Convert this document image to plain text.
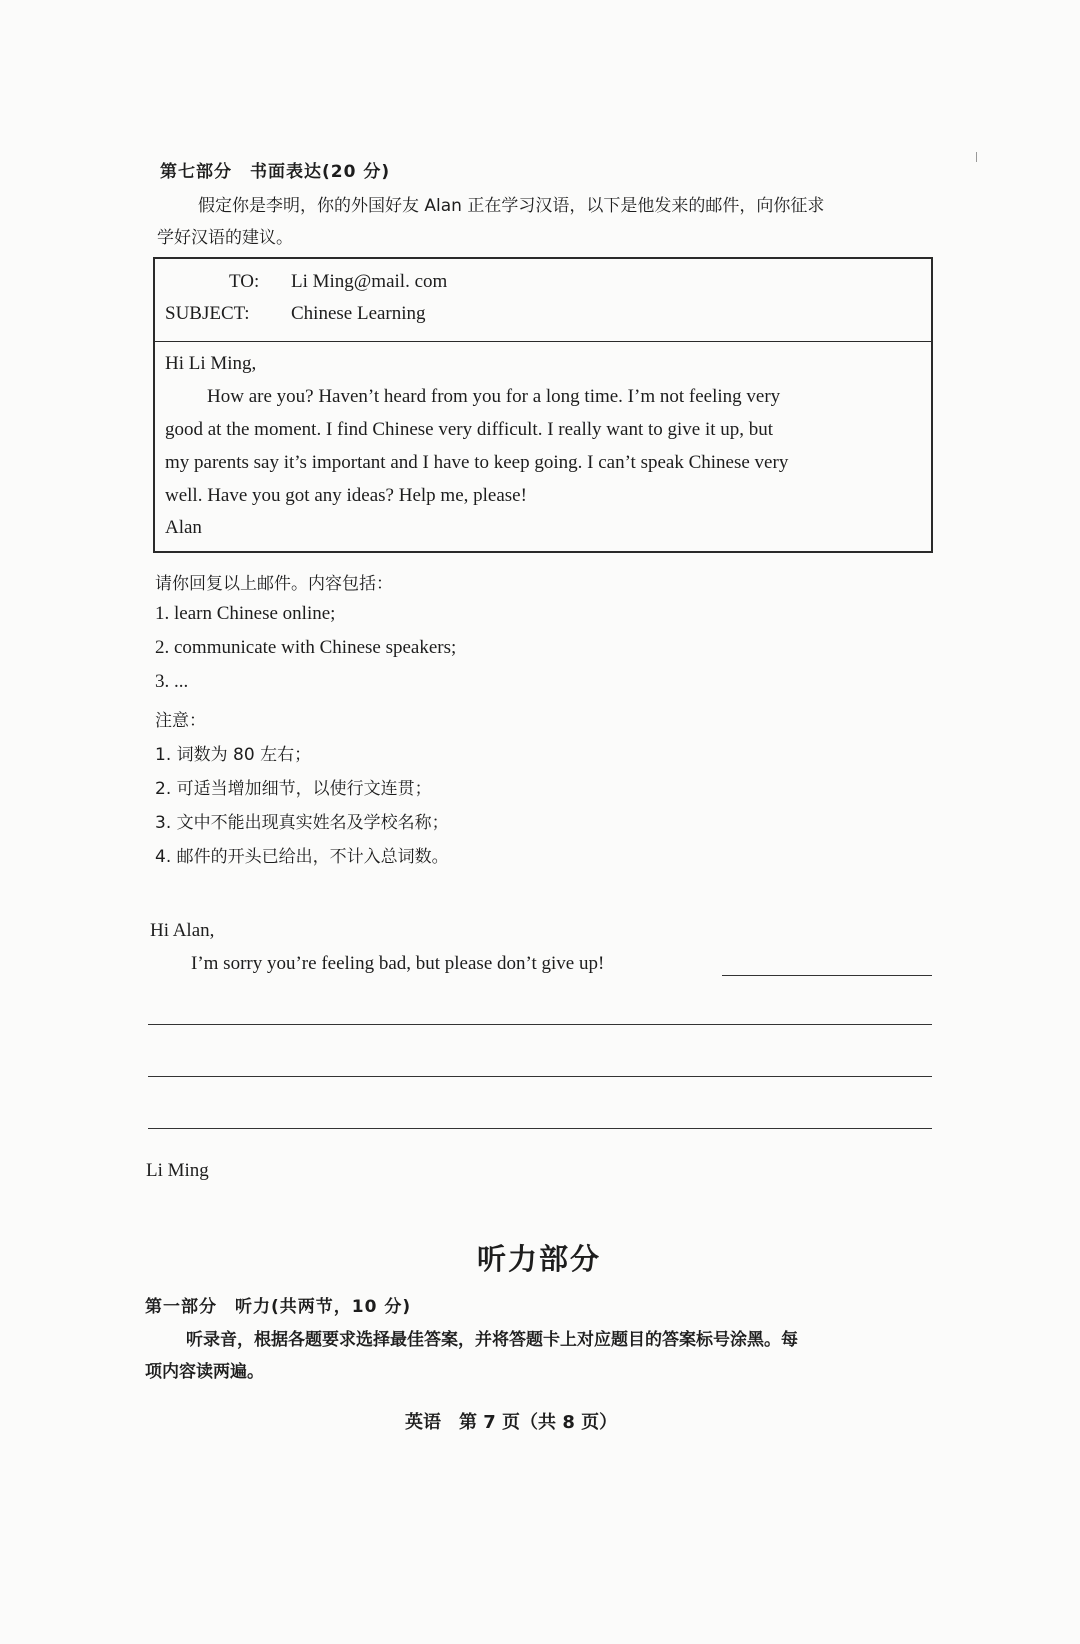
第七部分　书面表达(20 分)
假定你是李明，你的外国好友 Alan 正在学习汉语，以下是他发来的邮件，向你征求
学好汉语的建议。
TO: Li Ming@mail. com
SUBJECT: Chinese Learning
Hi Li Ming,
How are you? Haven’t heard from you for a long time. I’m not feeling very
good at the moment. I find Chinese very difficult. I really want to give it up, but
my parents say it’s important and I have to keep going. I can’t speak Chinese very
well. Have you got any ideas? Help me, please!
Alan
请你回复以上邮件。内容包括：
1. learn Chinese online;
2. communicate with Chinese speakers;
3. ...
注意：
1. 词数为 80 左右；
2. 可适当增加细节，以使行文连贯；
3. 文中不能出现真实姓名及学校名称；
4. 邮件的开头已给出，不计入总词数。
Hi Alan,
I’m sorry you’re feeling bad, but please don’t give up!
Li Ming
听力部分
第一部分　听力(共两节，10 分)
听录音，根据各题要求选择最佳答案，并将答题卡上对应题目的答案标号涂黑。每
项内容读两遍。
英语　第 7 页（共 8 页）
